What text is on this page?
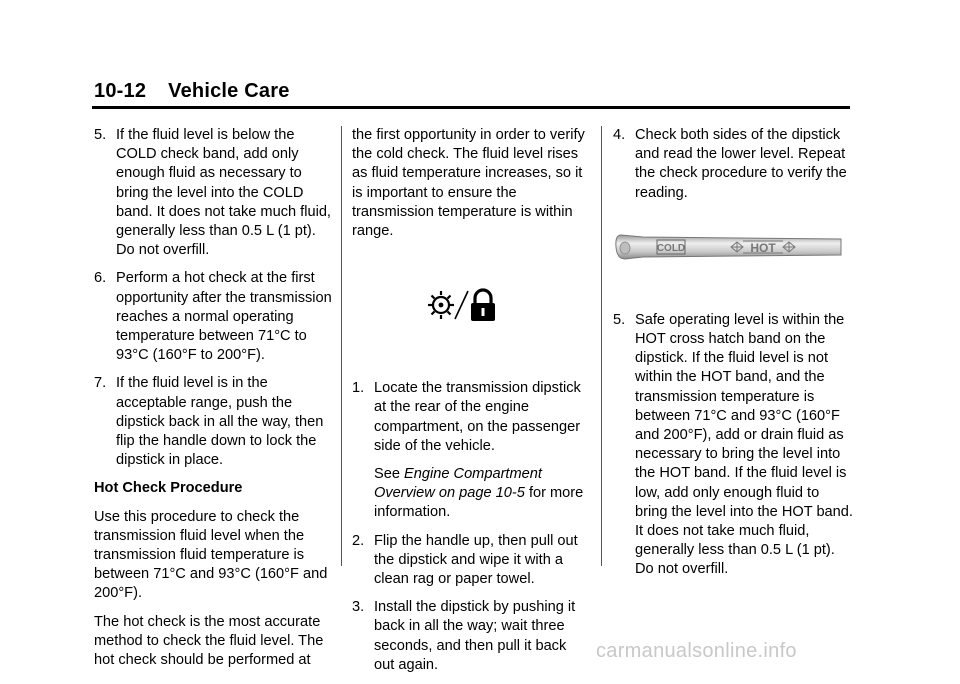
10-12 Vehicle Care
5. If the fluid level is below the COLD check band, add only enough fluid as necessary to bring the level into the COLD band. It does not take much fluid, generally less than 0.5 L (1 pt). Do not overfill.
6. Perform a hot check at the first opportunity after the transmission reaches a normal operating temperature between 71°C to 93°C (160°F to 200°F).
7. If the fluid level is in the acceptable range, push the dipstick back in all the way, then flip the handle down to lock the dipstick in place.

Hot Check Procedure

Use this procedure to check the transmission fluid level when the transmission fluid temperature is between 71°C and 93°C (160°F and 200°F).

The hot check is the most accurate method to check the fluid level. The hot check should be performed at

the first opportunity in order to verify the cold check. The fluid level rises as fluid temperature increases, so it is important to ensure the transmission temperature is within range.

1. Locate the transmission dipstick at the rear of the engine compartment, on the passenger side of the vehicle.

See Engine Compartment Overview on page 10-5 for more information.

2. Flip the handle up, then pull out the dipstick and wipe it with a clean rag or paper towel.
3. Install the dipstick by pushing it back in all the way; wait three seconds, and then pull it back out again.
4. Check both sides of the dipstick and read the lower level. Repeat the check procedure to verify the reading.
COLD	HOT
5. Safe operating level is within the HOT cross hatch band on the dipstick. If the fluid level is not within the HOT band, and the transmission temperature is between 71°C and 93°C (160°F and 200°F), add or drain fluid as necessary to bring the level into the HOT band. If the fluid level is low, add only enough fluid to bring the level into the HOT band. It does not take much fluid, generally less than 0.5 L (1 pt). Do not overfill.
carmanualsonline.info
